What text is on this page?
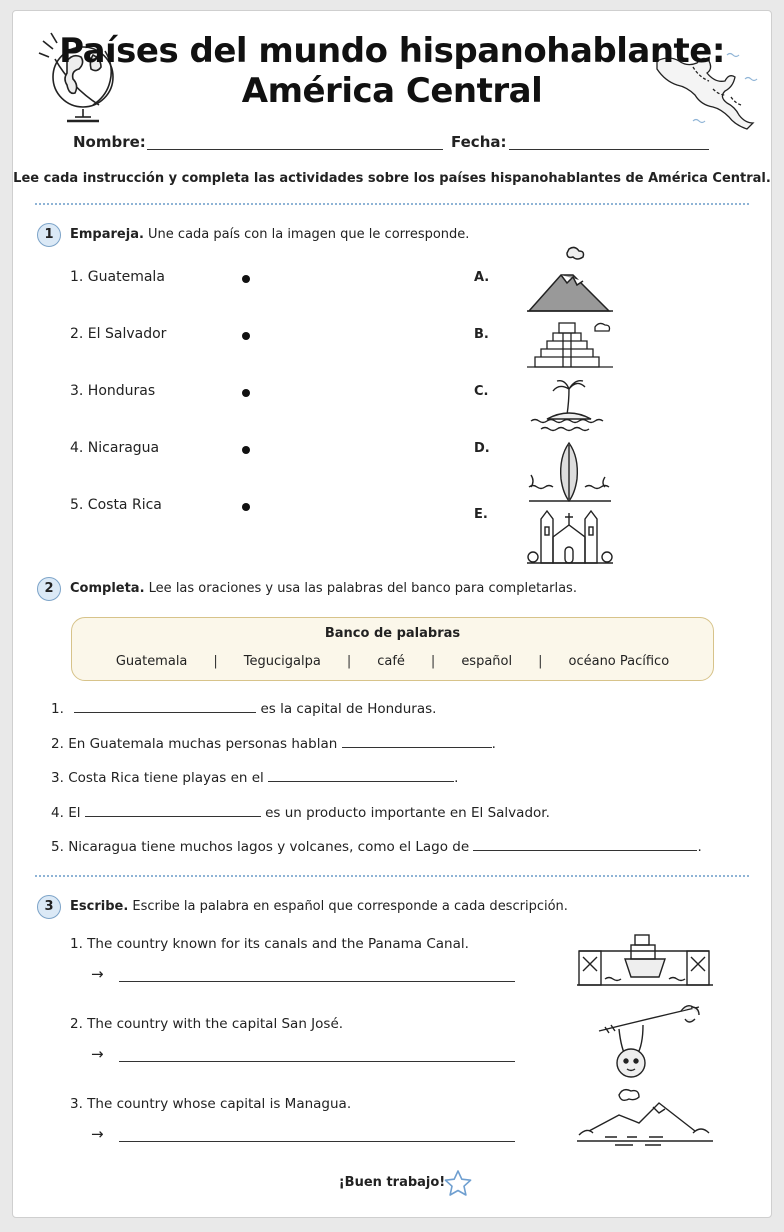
Países del mundo hispanohablante:
América Central
Nombre:	Fecha:
Lee cada instrucción y completa las actividades sobre los países hispanohablantes de América Central.
1	Empareja. Une cada país con la imagen que le corresponde.
1. Guatemala
2. El Salvador
3. Honduras
4. Nicaragua
5. Costa Rica
A.
B.
C.
D.
E.
2	Completa. Lee las oraciones y usa las palabras del banco para completarlas.
Banco de palabras
Guatemala | Tegucigalpa | café | español | océano Pacífico
1.	es la capital de Honduras.
2. En Guatemala muchas personas hablan	.
3. Costa Rica tiene playas en el	.
4. El	es un producto importante en El Salvador.
5. Nicaragua tiene muchos lagos y volcanes, como el Lago de	.
3	Escribe. Escribe la palabra en español que corresponde a cada descripción.
1. The country known for its canals and the Panama Canal.
→
2. The country with the capital San José.
→
3. The country whose capital is Managua.
→
¡Buen trabajo!
